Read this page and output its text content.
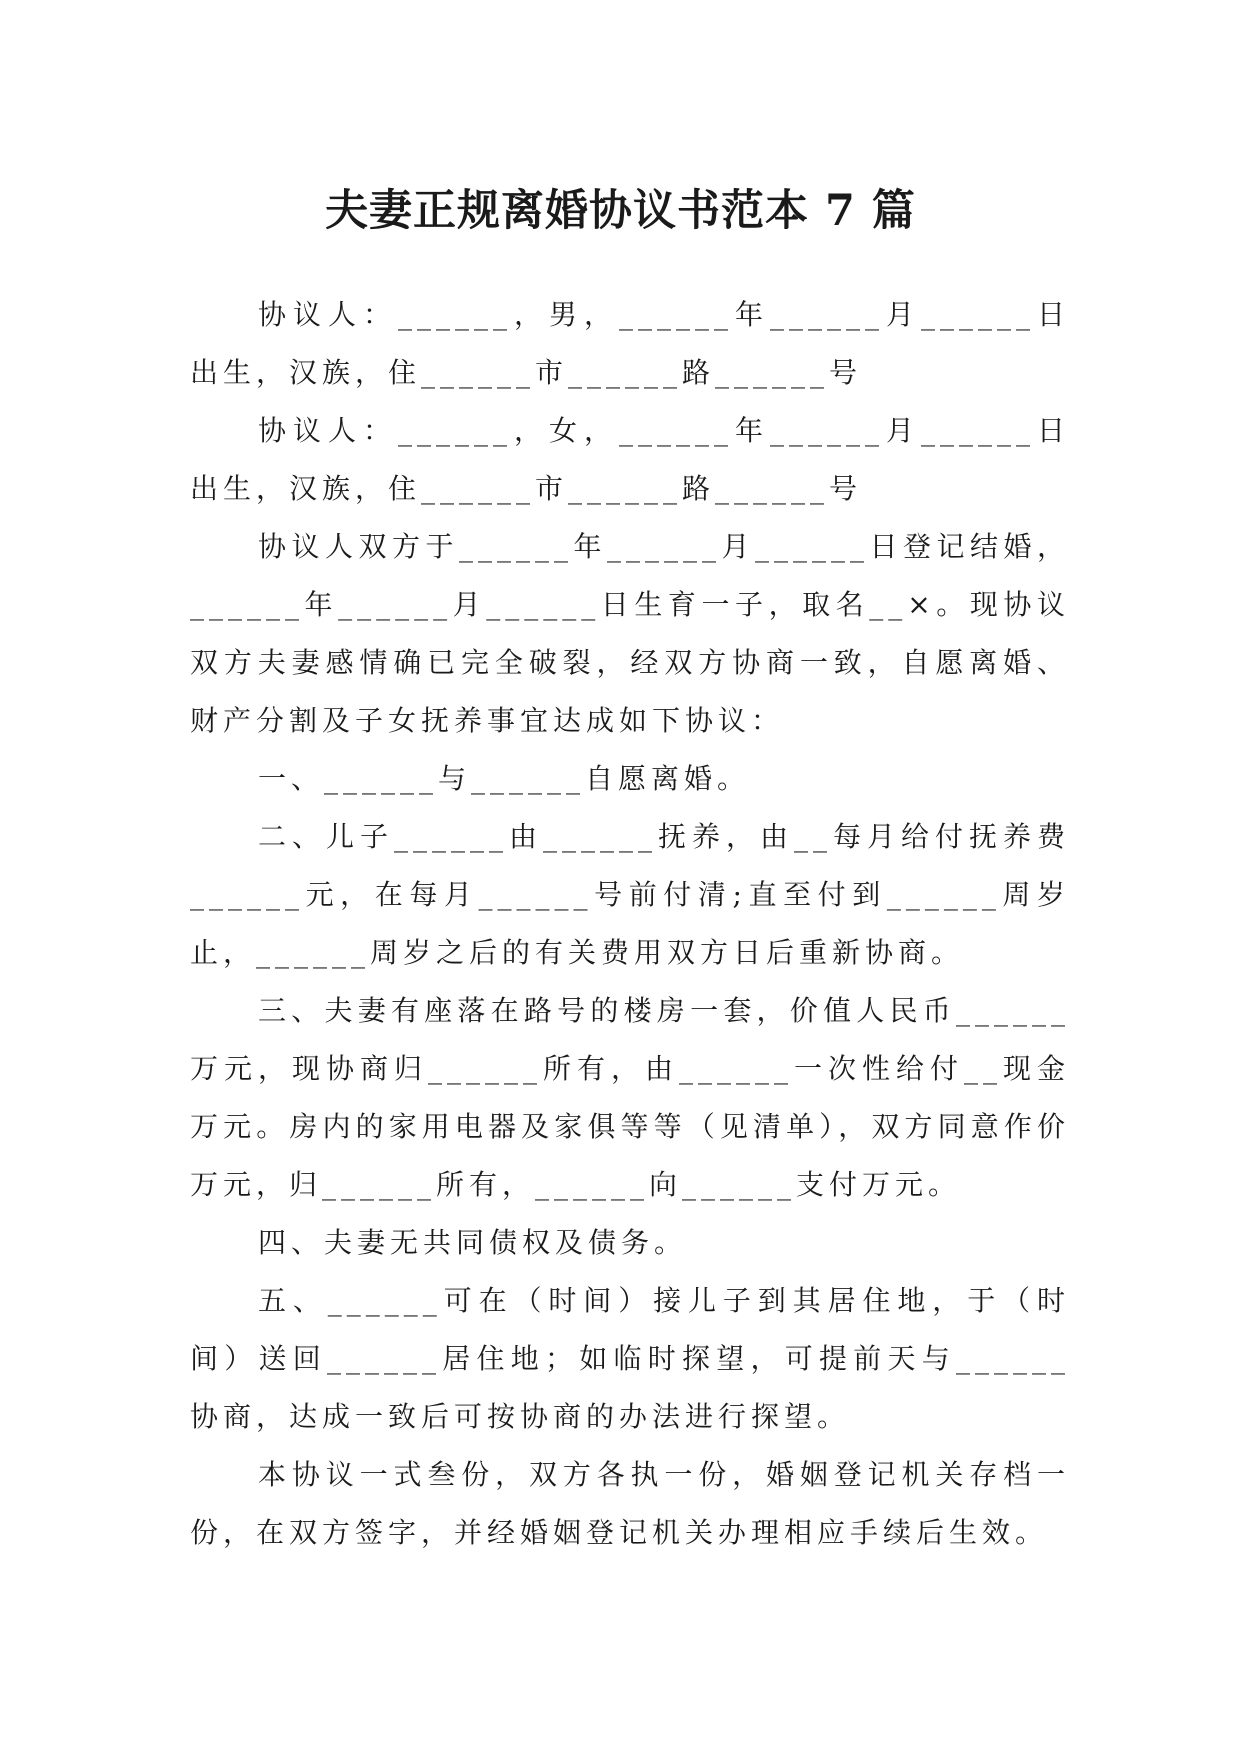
夫妻正规离婚协议书范本 7 篇

协议人：______，男，______年______月______日出生，汉族，住______市______路______号

协议人：______，女，______年______月______日出生，汉族，住______市______路______号

协议人双方于______年______月______日登记结婚，______年______月______日生育一子，取名__×。现协议双方夫妻感情确已完全破裂，经双方协商一致，自愿离婚、财产分割及子女抚养事宜达成如下协议：

一、______与______自愿离婚。

二、儿子______由______抚养，由__每月给付抚养费______元，在每月______号前付清;直至付到______周岁止，______周岁之后的有关费用双方日后重新协商。

三、夫妻有座落在路号的楼房一套，价值人民币______万元，现协商归______所有，由______一次性给付__现金万元。房内的家用电器及家俱等等（见清单），双方同意作价万元，归______所有，______向______支付万元。

四、夫妻无共同债权及债务。

五、______可在（时间）接儿子到其居住地，于（时间）送回______居住地；如临时探望，可提前天与______协商，达成一致后可按协商的办法进行探望。

本协议一式叁份，双方各执一份，婚姻登记机关存档一份，在双方签字，并经婚姻登记机关办理相应手续后生效。
